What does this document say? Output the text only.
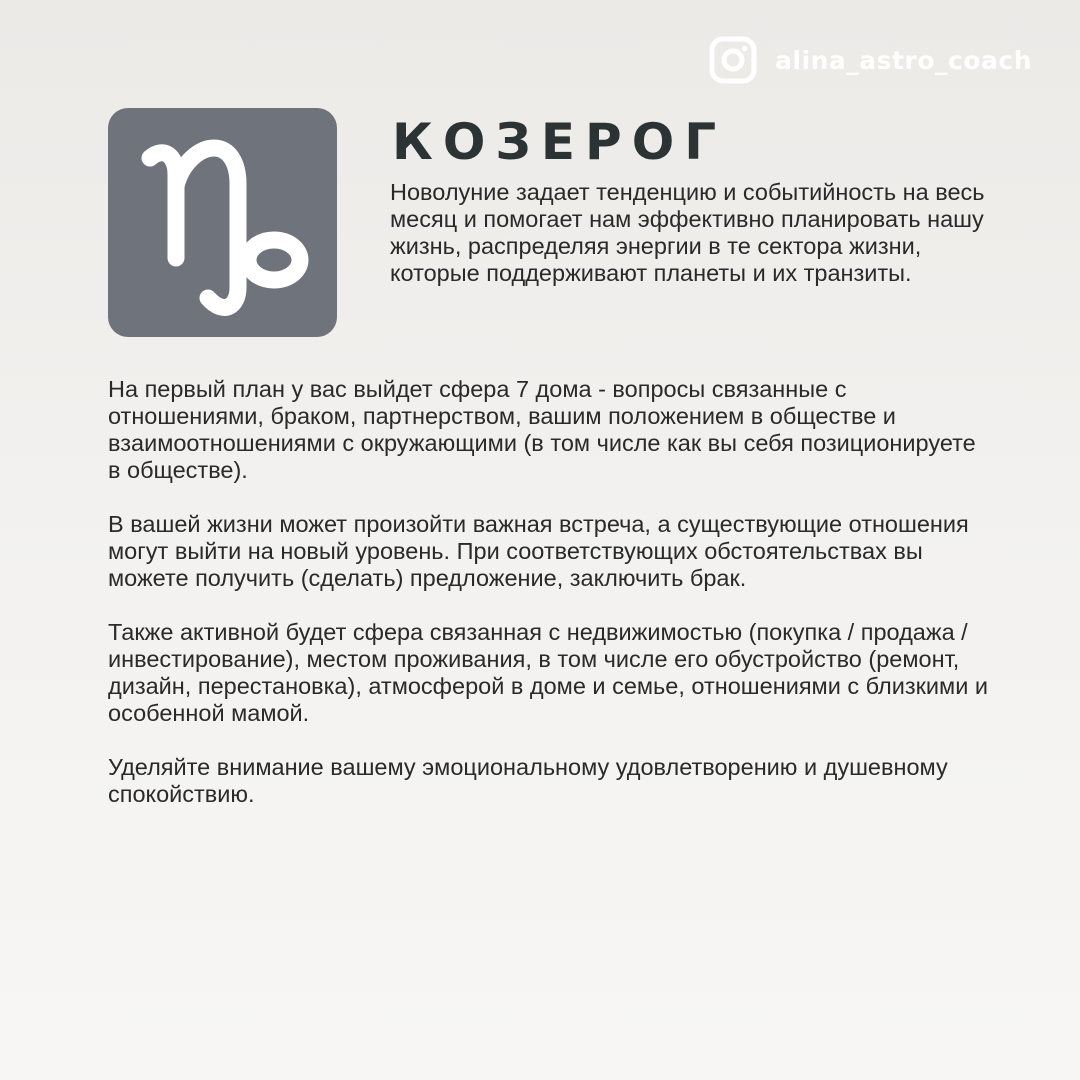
alina_astro_coach
КОЗЕРОГ

Новолуние задает тенденцию и событийность на весь месяц и помогает нам эффективно планировать нашу жизнь, распределяя энергии в те сектора жизни, которые поддерживают планеты и их транзиты.

На первый план у вас выйдет сфера 7 дома - вопросы связанные с отношениями, браком, партнерством, вашим положением в обществе и взаимоотношениями с окружающими (в том числе как вы себя позиционируете в обществе).

В вашей жизни может произойти важная встреча, а существующие отношения могут выйти на новый уровень. При соответствующих обстоятельствах вы можете получить (сделать) предложение, заключить брак.

Также активной будет сфера связанная с недвижимостью (покупка / продажа / инвестирование), местом проживания, в том числе его обустройство (ремонт, дизайн, перестановка), атмосферой в доме и семье, отношениями с близкими и особенной мамой.

Уделяйте внимание вашему эмоциональному удовлетворению и душевному спокойствию.
